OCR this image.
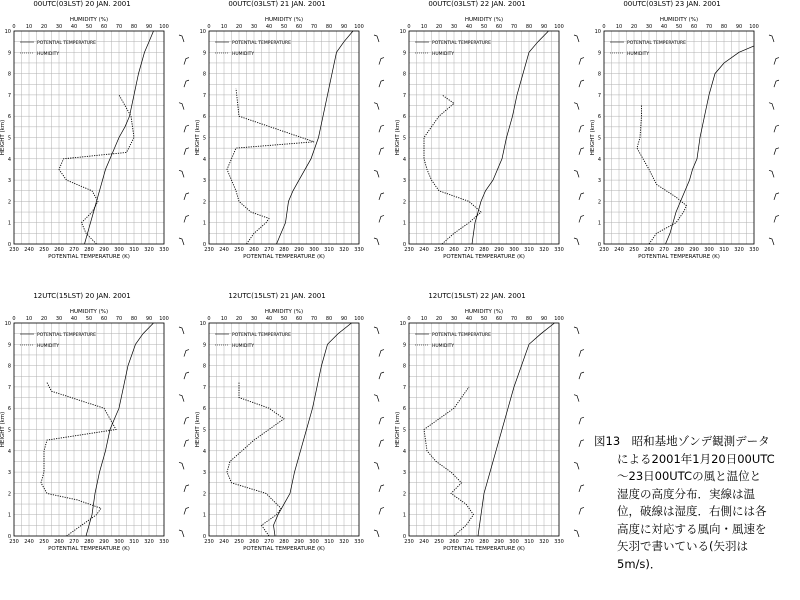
00UTC(03LST) 20 JAN. 2001
HUMIDITY (%)
0 10 20 30 40 50 60 70 80 90 100
230 240 250 260 270 280 290 300 310 320 330
0
1
2
3
4
5
6
7
8
9
10
POTENTIAL TEMPERATURE (K)
HEIGHT (km)
POTENTIAL TEMPERATURE
HUMIDITY
00UTC(03LST) 21 JAN. 2001
HUMIDITY (%)
0 10 20 30 40 50 60 70 80 90 100
230 240 250 260 270 280 290 300 310 320 330
0
1
2
3
4
5
6
7
8
9
10
POTENTIAL TEMPERATURE (K)
HEIGHT (km)
POTENTIAL TEMPERATURE
HUMIDITY
00UTC(03LST) 22 JAN. 2001
HUMIDITY (%)
0 10 20 30 40 50 60 70 80 90 100
230 240 250 260 270 280 290 300 310 320 330
0
1
2
3
4
5
6
7
8
9
10
POTENTIAL TEMPERATURE (K)
HEIGHT (km)
POTENTIAL TEMPERATURE
HUMIDITY
00UTC(03LST) 23 JAN. 2001
HUMIDITY (%)
0 10 20 30 40 50 60 70 80 90 100
230 240 250 260 270 280 290 300 310 320 330
0
1
2
3
4
5
6
7
8
9
10
POTENTIAL TEMPERATURE (K)
HEIGHT (km)
POTENTIAL TEMPERATURE
HUMIDITY
12UTC(15LST) 20 JAN. 2001
HUMIDITY (%)
0 10 20 30 40 50 60 70 80 90 100
230 240 250 260 270 280 290 300 310 320 330
0
1
2
3
4
5
6
7
8
9
10
POTENTIAL TEMPERATURE (K)
HEIGHT (km)
POTENTIAL TEMPERATURE
HUMIDITY
12UTC(15LST) 21 JAN. 2001
HUMIDITY (%)
0 10 20 30 40 50 60 70 80 90 100
230 240 250 260 270 280 290 300 310 320 330
0
1
2
3
4
5
6
7
8
9
10
POTENTIAL TEMPERATURE (K)
HEIGHT (km)
POTENTIAL TEMPERATURE
HUMIDITY
12UTC(15LST) 22 JAN. 2001
HUMIDITY (%)
0 10 20 30 40 50 60 70 80 90 100
230 240 250 260 270 280 290 300 310 320 330
0
1
2
3
4
5
6
7
8
9
10
POTENTIAL TEMPERATURE (K)
HEIGHT (km)
POTENTIAL TEMPERATURE
HUMIDITY
図13　昭和基地ゾンデ観測データ
　　による2001年1月20日00UTC
　　～23日00UTCの風と温位と
　　湿度の高度分布．実線は温
　　位，破線は湿度．右側には各
　　高度に対応する風向・風速を
　　矢羽で書いている(矢羽は
　　5m/s)．
